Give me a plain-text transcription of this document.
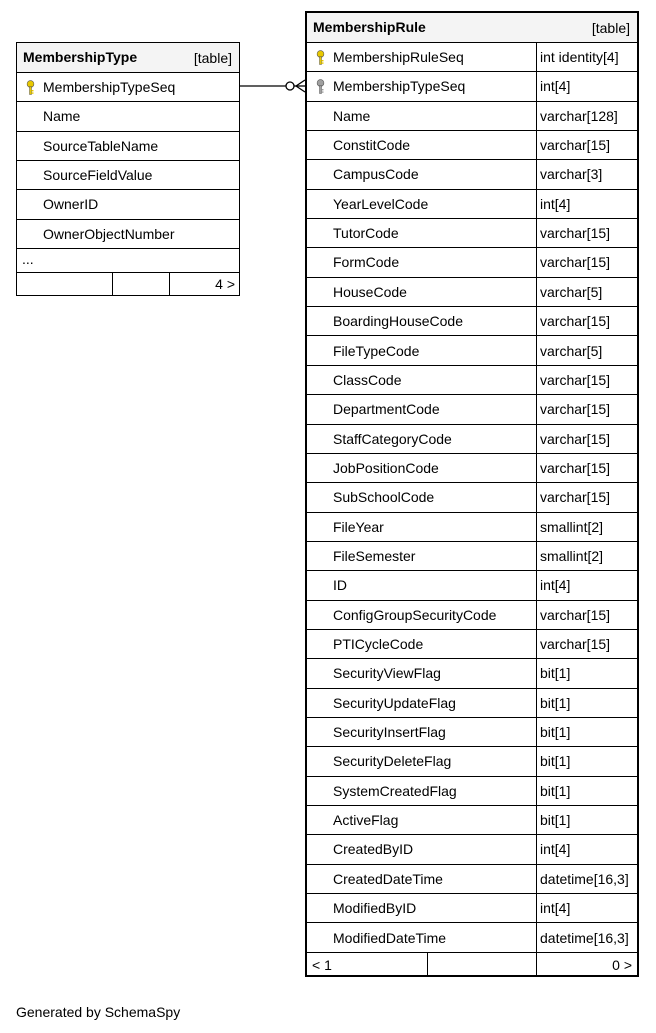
MembershipType	[table]
MembershipTypeSeq
Name
SourceTableName
SourceFieldValue
OwnerID
OwnerObjectNumber
...
4 >
MembershipRule	[table]
MembershipRuleSeq	int identity[4]
MembershipTypeSeq	int[4]
Name	varchar[128]
ConstitCode	varchar[15]
CampusCode	varchar[3]
YearLevelCode	int[4]
TutorCode	varchar[15]
FormCode	varchar[15]
HouseCode	varchar[5]
BoardingHouseCode	varchar[15]
FileTypeCode	varchar[5]
ClassCode	varchar[15]
DepartmentCode	varchar[15]
StaffCategoryCode	varchar[15]
JobPositionCode	varchar[15]
SubSchoolCode	varchar[15]
FileYear	smallint[2]
FileSemester	smallint[2]
ID	int[4]
ConfigGroupSecurityCode	varchar[15]
PTICycleCode	varchar[15]
SecurityViewFlag	bit[1]
SecurityUpdateFlag	bit[1]
SecurityInsertFlag	bit[1]
SecurityDeleteFlag	bit[1]
SystemCreatedFlag	bit[1]
ActiveFlag	bit[1]
CreatedByID	int[4]
CreatedDateTime	datetime[16,3]
ModifiedByID	int[4]
ModifiedDateTime	datetime[16,3]
< 1	0 >
Generated by SchemaSpy
